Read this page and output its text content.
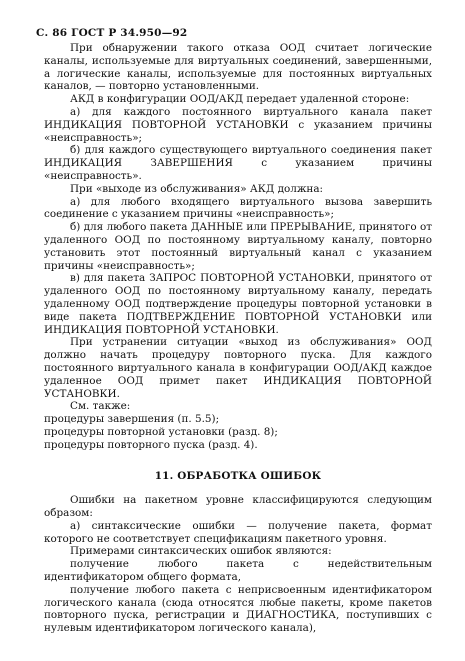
С. 86 ГОСТ Р 34.950—92

При обнаружении такого отказа ООД считает логические каналы, используемые для виртуальных соединений, завершенными, а логические каналы, используемые для постоянных виртуальных каналов, — повторно установленными.

АКД в конфигурации ООД/АКД передает удаленной стороне:

а) для каждого постоянного виртуального канала пакет ИНДИКАЦИЯ ПОВТОРНОЙ УСТАНОВКИ с указанием причины «неисправность»;

б) для каждого существующего виртуального соединения пакет ИНДИКАЦИЯ ЗАВЕРШЕНИЯ с указанием причины «неисправность».

При «выходе из обслуживания» АКД должна:

а) для любого входящего виртуального вызова завершить соединение с указанием причины «неисправность»;

б) для любого пакета ДАННЫЕ или ПРЕРЫВАНИЕ, принятого от удаленного ООД по постоянному виртуальному каналу, повторно установить этот постоянный виртуальный канал с указанием причины «неисправность»;

в) для пакета ЗАПРОС ПОВТОРНОЙ УСТАНОВКИ, принятого от удаленного ООД по постоянному виртуальному каналу, передать удаленному ООД подтверждение процедуры повторной установки в виде пакета ПОДТВЕРЖДЕНИЕ ПОВТОРНОЙ УСТАНОВКИ или ИНДИКАЦИЯ ПОВТОРНОЙ УСТАНОВКИ.

При устранении ситуации «выход из обслуживания» ООД должно начать процедуру повторного пуска. Для каждого постоянного виртуального канала в конфигурации ООД/АКД каждое удаленное ООД примет пакет ИНДИКАЦИЯ ПОВТОРНОЙ УСТАНОВКИ.

См. также:

процедуры завершения (п. 5.5);

процедуры повторной установки (разд. 8);

процедуры повторного пуска (разд. 4).

11. ОБРАБОТКА ОШИБОК

Ошибки на пакетном уровне классифицируются следующим образом:

а) синтаксические ошибки — получение пакета, формат которого не соответствует спецификациям пакетного уровня.

Примерами синтаксических ошибок являются:

получение любого пакета с недействительным идентификатором общего формата,

получение любого пакета с неприсвоенным идентификатором логического канала (сюда относятся любые пакеты, кроме пакетов повторного пуска, регистрации и ДИАГНОСТИКА, поступивших с нулевым идентификатором логического канала),
